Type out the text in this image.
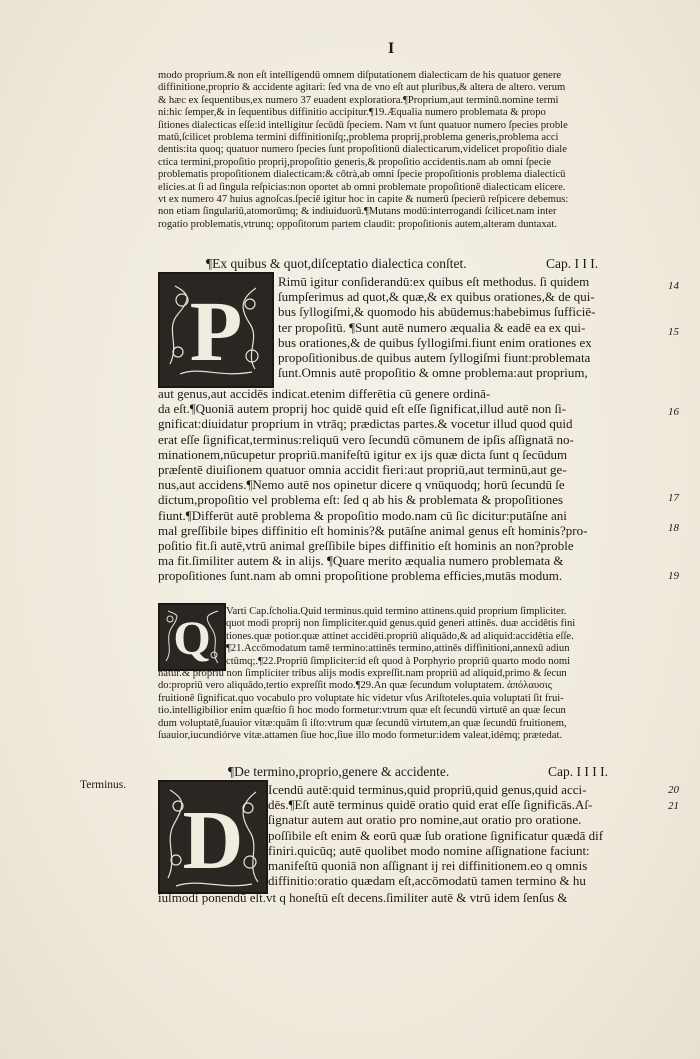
I
modo proprium.& non eſt intelligendū omnem diſputationem dialecticam de his quatuor genere
diffinitione,proprio & accidente agitari: ſed vna de vno eſt aut pluribus,& altera de altero. verum
& hæc ex ſequentibus,ex numero 37 euadent exploratiora.¶Proprium,aut terminū.nomine termi
ni:hic ſemper,& in ſequentibus diffinitio accipitur.¶19.Æqualia numero problemata & propo
ſitiones dialecticas eſſe:id intelligitur ſecūdū ſpeciem. Nam vt ſunt quatuor numero ſpecies proble
matū,ſcilicet problema termini diffinitioniſq;,problema proprij,problema generis,problema acci
dentis:ita quoq; quatuor numero ſpecies ſunt propoſitionū dialecticarum,videlicet propoſitio diale
ctica termini,propoſitio proprij,propoſitio generis,& propoſitio accidentis.nam ab omni ſpecie
problematis propoſitionem dialecticam:& cōtrà,ab omni ſpecie propoſitionis problema dialecticū
elicies.at ſi ad ſingula reſpicias:non oportet ab omni problemate propoſitionē dialecticam elicere.
vt ex numero 47 huius agnoſcas.ſpeciē igitur hoc in capite & numerū ſpecierū reſpicere debemus:
non etiam ſingulariū,atomorūmq; & indiuiduorū.¶Mutans modū:interrogandi ſcilicet.nam inter
rogatio problematis,vtrunq; oppoſitorum partem claudit: propoſitionis autem,alteram duntaxat.
¶Ex quibus & quot,diſceptatio dialectica conſtet.	Cap. I I I.
P
Rimū igitur conſiderandū:ex quibus eſt methodus. ſi quidem
ſumpſerimus ad quot,& quæ,& ex quibus orationes,& de qui-
bus ſyllogiſmi,& quomodo his abūdemus:habebimus ſufficiē-
ter propoſitū. ¶Sunt autē numero æqualia & eadē ea ex qui-
bus orationes,& de quibus ſyllogiſmi.fiunt enim orationes ex
propoſitionibus.de quibus autem ſyllogiſmi fiunt:problemata
ſunt.Omnis autē propoſitio & omne problema:aut proprium,
aut genus,aut accidēs indicat.etenim differētia cū genere ordinā-
da eſt.¶Quoniā autem proprij hoc quidē quid eſt eſſe ſignificat,illud autē non ſi-
gnificat:diuidatur proprium in vtrāq; prædictas partes.& vocetur illud quod quid
erat eſſe ſignificat,terminus:reliquū vero ſecundū cōmunem de ipſis aſſignatā no-
minationem,nūcupetur propriū.manifeſtū igitur ex ijs quæ dicta ſunt q ſecūdum
præſentē diuiſionem quatuor omnia accidit fieri:aut propriū,aut terminū,aut ge-
nus,aut accidens.¶Nemo autē nos opinetur dicere q vnūquodq; horū ſecundū ſe
dictum,propoſitio vel problema eſt: ſed q ab his & problemata & propoſitiones
fiunt.¶Differūt autē problema & propoſitio modo.nam cū ſic dicitur:putāſne ani
mal greſſibile bipes diffinitio eſt hominis?& putāſne animal genus eſt hominis?pro-
poſitio fit.ſi autē,vtrū animal greſſibile bipes diffinitio eſt hominis an non?proble
ma fit.ſimiliter autem & in alijs. ¶Quare merito æqualia numero problemata &
propoſitiones ſunt.nam ab omni propoſitione problema efficies,mutās modum.
14
15
16
17
18
19
Q
Varti Cap.ſcholia.Quid terminus.quid termino attinens.quid proprium ſimpliciter.
quot modi proprij non ſimpliciter.quid genus.quid generi attinēs. duæ accidētis fini
tiones.quæ potior.quæ attinet accidēti.propriū aliquādo,& ad aliquid:accidētia eſſe.
¶21.Accōmodatum tamē termino:attinēs termino,attinēs diffinitioni,annexū adiun
ctūmq;.¶22.Propriū ſimpliciter:id eſt quod à Porphyrio propriū quarto modo nomi
natur.& propriū non ſimpliciter tribus alijs modis expreſſit.nam propriū ad aliquid,primo & ſecun
do:propriū vero aliquādo,tertio expreſſit modo.¶29.An quæ ſecundum voluptatem. ἀπόλαυσις
fruitionē ſignificat.quo vocabulo pro voluptate hic videtur vſus Ariſtoteles.quia voluptati ſit frui-
tio.intelligibilior enim quæſtio ſi hoc modo formetur:vtrum quæ eſt ſecundū virtutē an quæ ſecun
dum voluptatē,ſuauior vitæ:quām ſi iſto:vtrum quæ ſecundū virtutem,an quæ ſecundū fruitionem,
ſuauior,iucundiórve vitæ.attamen ſiue hoc,ſiue illo modo formetur:idem valeat,idémq; prætedat.
Terminus.
¶De termino,proprio,genere & accidente.	Cap. I I I I.
D
Icendū autē:quid terminus,quid propriū,quid genus,quid acci-
dēs.¶Eſt autē terminus quidē oratio quid erat eſſe ſignificās.Aſ-
ſignatur autem aut oratio pro nomine,aut oratio pro oratione.
poſſibile eſt enim & eorū quæ ſub oratione ſignificatur quædā dif
finiri.quicūq; autē quolibet modo nomine aſſignatione faciunt:
manifeſtū quoniā non aſſignant ij rei diffinitionem.eo q omnis
diffinitio:oratio quædam eſt,accōmodatū tamen termino & hu
iuſmodi ponendū eſt.vt q honeſtū eſt decens.ſimiliter autē & vtrū idem ſenſus &
20
21
